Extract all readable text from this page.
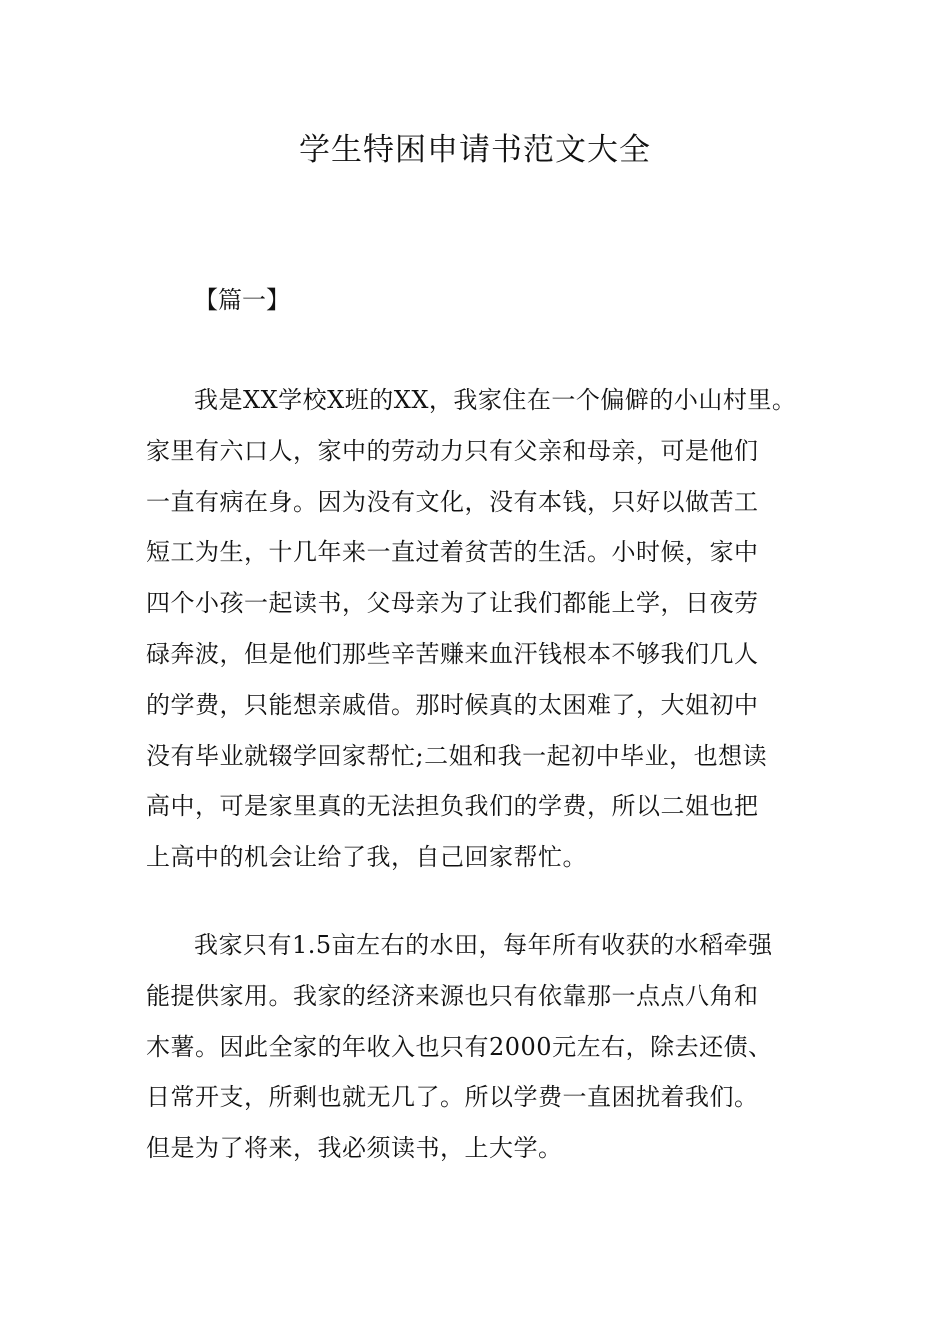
学生特困申请书范文大全
【篇一】

我是XX学校X班的XX，我家住在一个偏僻的小山村里。
家里有六口人，家中的劳动力只有父亲和母亲，可是他们
一直有病在身。因为没有文化，没有本钱，只好以做苦工
短工为生，十几年来一直过着贫苦的生活。小时候，家中
四个小孩一起读书，父母亲为了让我们都能上学，日夜劳
碌奔波，但是他们那些辛苦赚来血汗钱根本不够我们几人
的学费，只能想亲戚借。那时候真的太困难了，大姐初中
没有毕业就辍学回家帮忙;二姐和我一起初中毕业，也想读
高中，可是家里真的无法担负我们的学费，所以二姐也把
上高中的机会让给了我，自己回家帮忙。

我家只有1.5亩左右的水田，每年所有收获的水稻牵强
能提供家用。我家的经济来源也只有依靠那一点点八角和
木薯。因此全家的年收入也只有2000元左右，除去还债、
日常开支，所剩也就无几了。所以学费一直困扰着我们。
但是为了将来，我必须读书，上大学。
